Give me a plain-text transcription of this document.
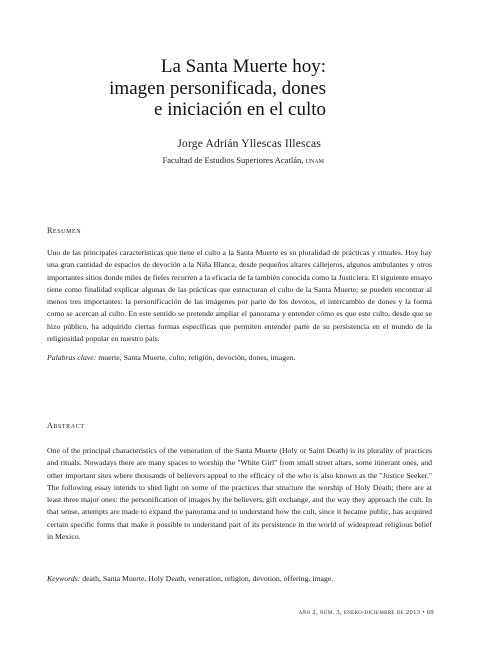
La Santa Muerte hoy:
imagen personificada, dones
e iniciación en el culto
Jorge Adrián Yllescas Illescas
Facultad de Estudios Superiores Acatlán, unam
Resumen

Uno de las principales características que tiene el culto a la Santa Muerte es su pluralidad de prácticas y rituales. Hoy hay una gran cantidad de espacios de devoción a la Niña Blanca, desde pequeños altares callejeros, algunos ambulantes y otros importantes sitios donde miles de fieles recurren a la eficacia de la también conocida como la Justiciera. El siguiente ensayo tiene como finalidad explicar algunas de las prácticas que estructuran el culto de la Santa Muerte; se pueden encontrar al menos tres importantes: la personificación de las imágenes por parte de los devotos, el intercambio de dones y la forma como se acercan al culto. En este sentido se pretende ampliar el panorama y entender cómo es que este culto, desde que se hizo público, ha adquirido ciertas formas específicas que permiten entender parte de su persistencia en el mundo de la religiosidad popular en nuestro país.

Palabras clave: muerte, Santa Muerte, culto, religión, devoción, dones, imagen.
Abstract

One of the principal characteristics of the veneration of the Santa Muerte (Holy or Saint Death) is its plurality of practices and rituals. Nowadays there are many spaces to worship the "White Girl" from small street altars, some itinerant ones, and other important sites where thousands of believers appeal to the efficacy of the who is also known as the "Justice Seeker." The following essay intends to shed light on some of the practices that structure the worship of Holy Death; there are at least three major ones: the personification of images by the believers, gift exchange, and the way they approach the cult. In that sense, attempts are made to expand the panorama and to understand how the cult, since it became public, has acquired certain specific forms that make it possible to understand part of its persistence in the world of widespread religious belief in Mexico.

Keywords: death, Santa Muerte, Holy Death, veneration, religion, devotion, offering, image.
año 2, núm. 3, enero-diciembre de 2013 • 69
